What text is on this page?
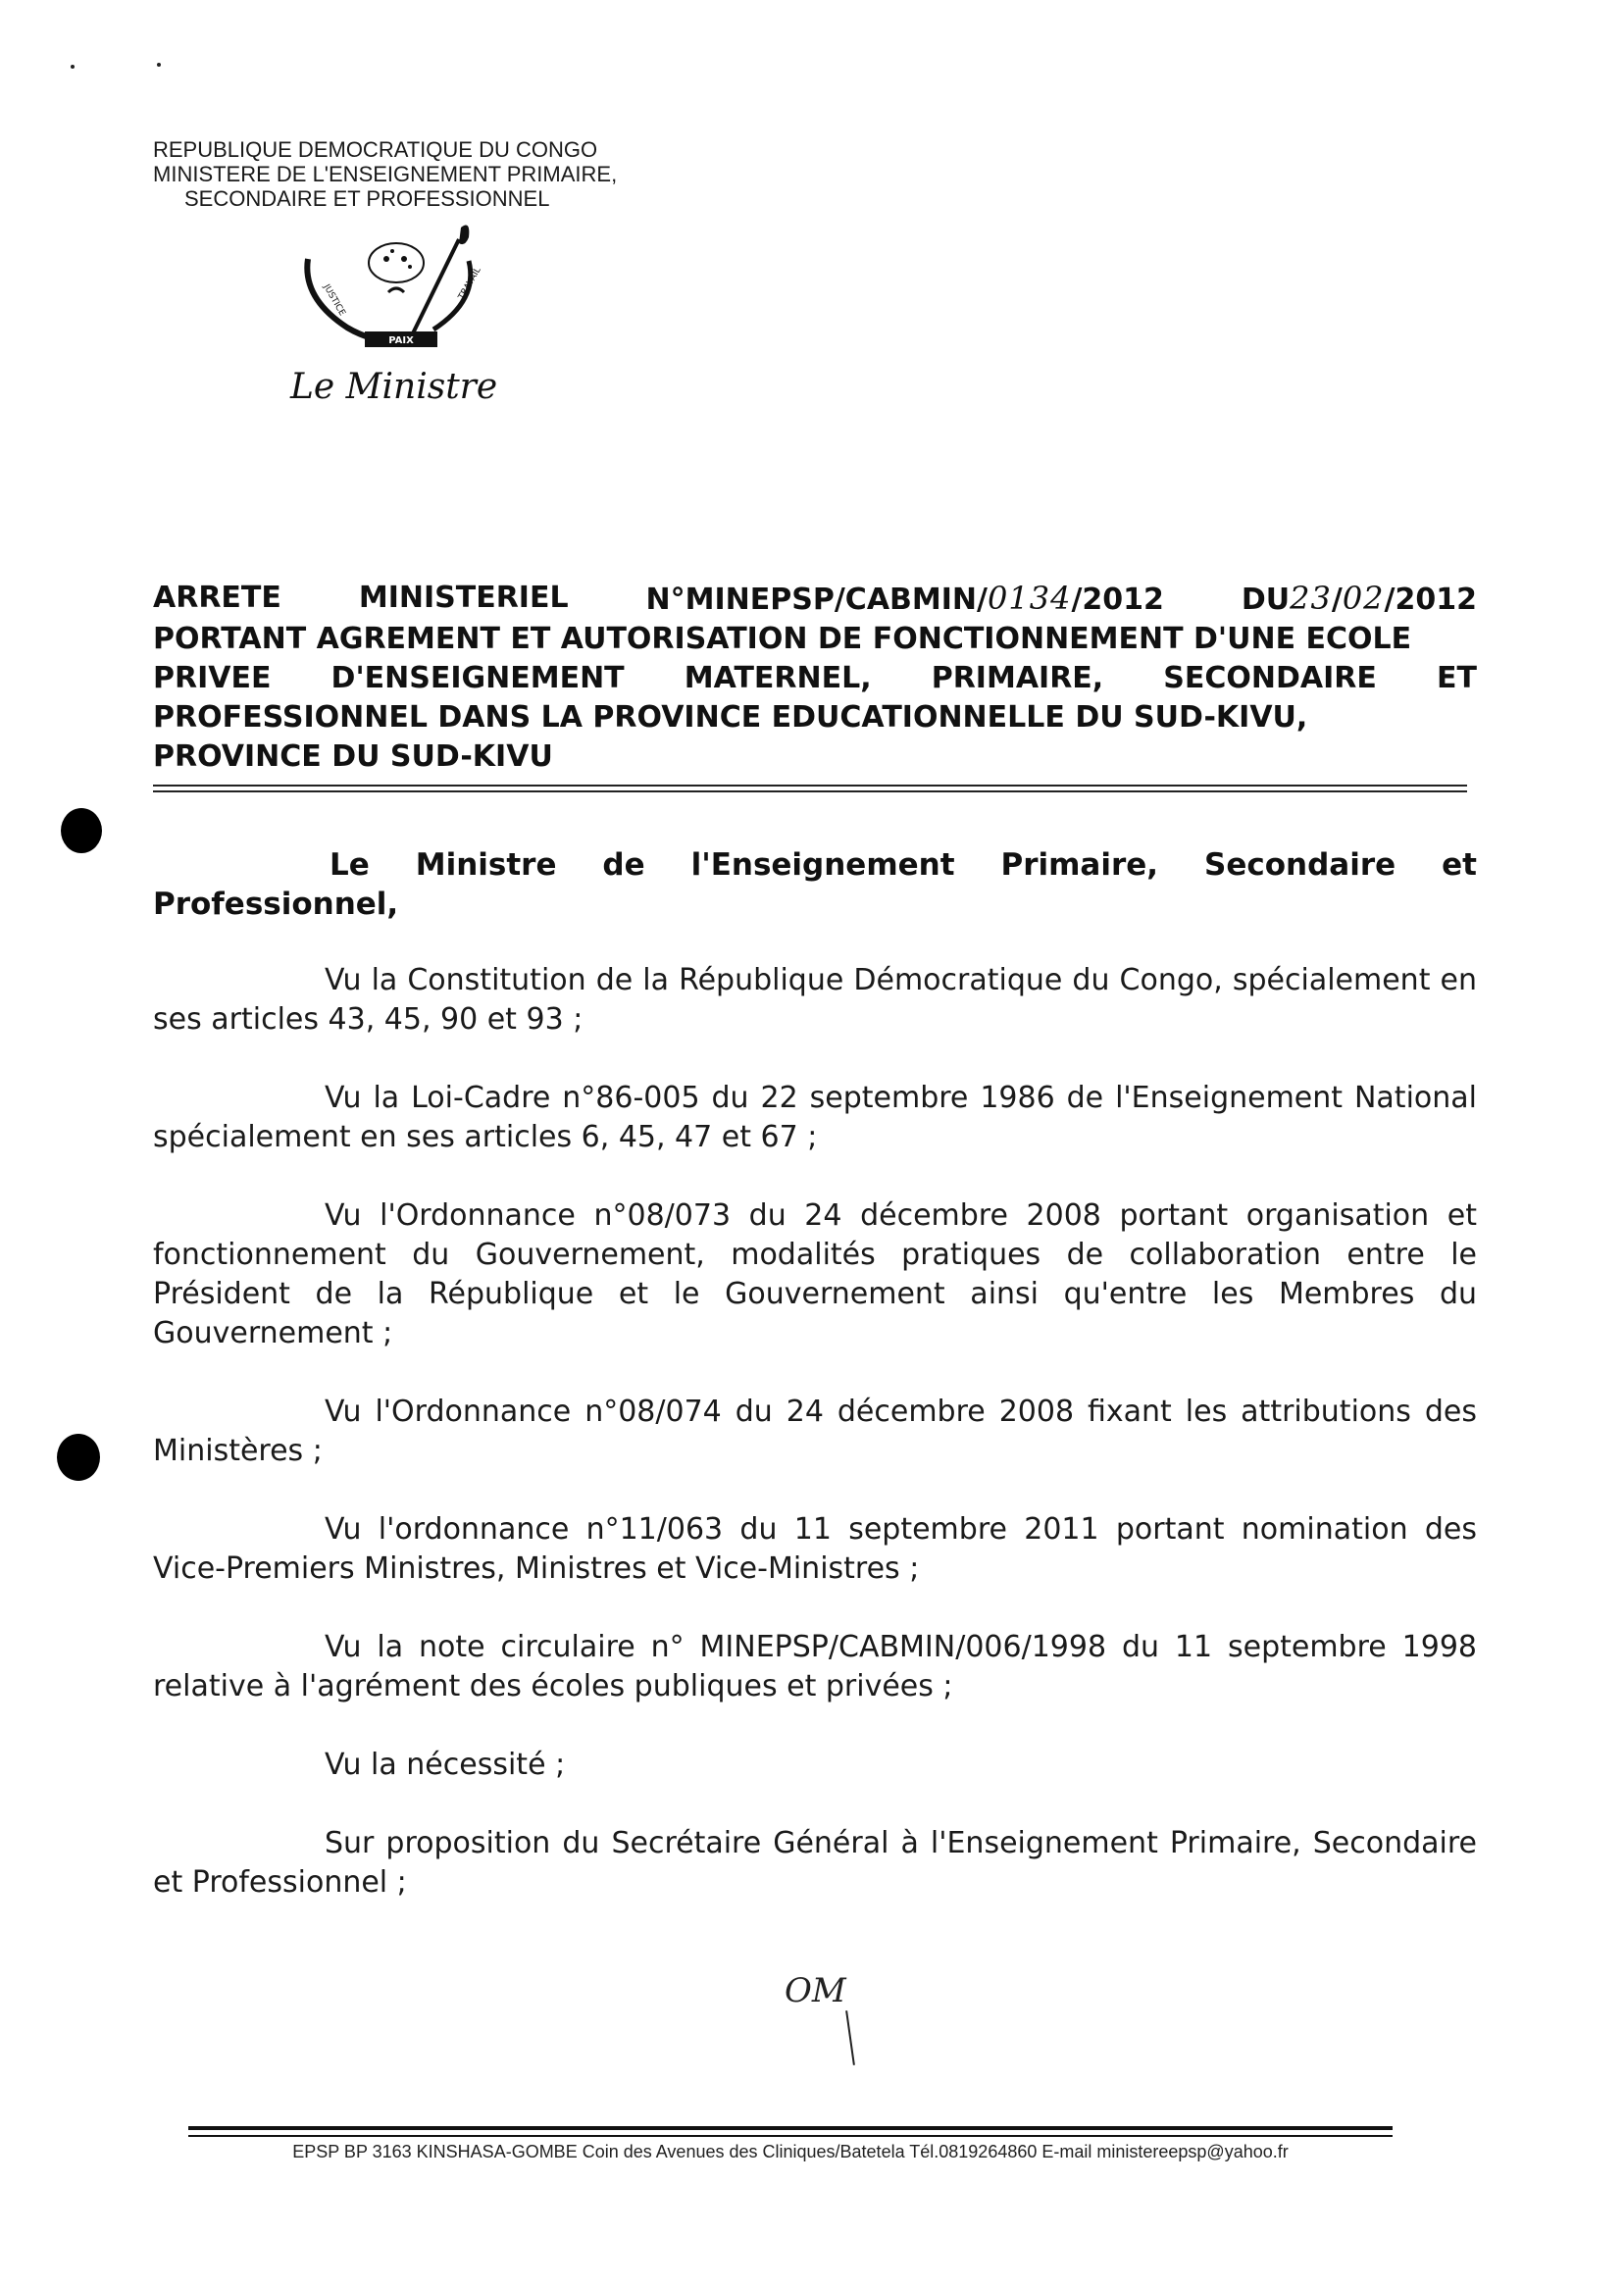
REPUBLIQUE DEMOCRATIQUE DU CONGO
MINISTERE DE L'ENSEIGNEMENT PRIMAIRE,
SECONDAIRE ET PROFESSIONNEL
PAIX
JUSTICE	TRAVAIL
Le Ministre
ARRETE	MINISTERIEL	N°MINEPSP/CABMIN/0134/2012	DU23/02/2012
PORTANT AGREMENT ET AUTORISATION DE FONCTIONNEMENT D'UNE ECOLE
PRIVEE D'ENSEIGNEMENT MATERNEL, PRIMAIRE, SECONDAIRE ET
PROFESSIONNEL DANS LA PROVINCE EDUCATIONNELLE DU SUD-KIVU,
PROVINCE DU SUD-KIVU
Le Ministre de l'Enseignement Primaire, Secondaire et
Professionnel,

Vu la Constitution de la République Démocratique du Congo, spécialement en ses articles 43, 45, 90 et 93 ;

Vu la Loi-Cadre n°86-005 du 22 septembre 1986 de l'Enseignement National spécialement en ses articles 6, 45, 47 et 67 ;

Vu l'Ordonnance n°08/073 du 24 décembre 2008 portant organisation et fonctionnement du Gouvernement, modalités pratiques de collaboration entre le Président de la République et le Gouvernement ainsi qu'entre les Membres du Gouvernement ;

Vu l'Ordonnance n°08/074 du 24 décembre 2008 fixant les attributions des Ministères ;

Vu l'ordonnance n°11/063 du 11 septembre 2011 portant nomination des Vice-Premiers Ministres, Ministres et Vice-Ministres ;

Vu la note circulaire n° MINEPSP/CABMIN/006/1998 du 11 septembre 1998 relative à l'agrément des écoles publiques et privées ;

Vu la nécessité ;

Sur proposition du Secrétaire Général à l'Enseignement Primaire, Secondaire et Professionnel ;

OM
EPSP BP 3163 KINSHASA-GOMBE Coin des Avenues des Cliniques/Batetela Tél.0819264860 E-mail ministereepsp@yahoo.fr
